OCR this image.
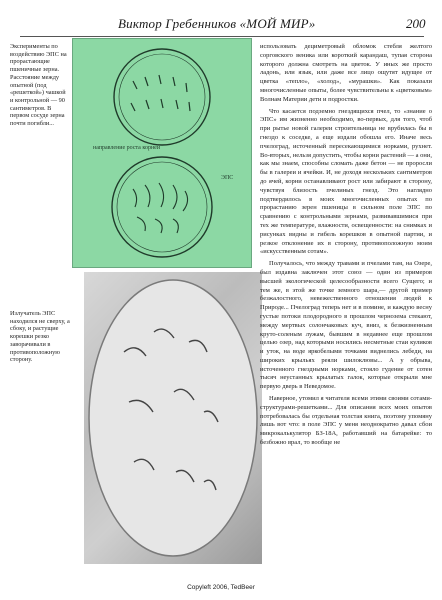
Виктор Гребенников «МОЙ МИР»	200
Эксперименты по воздействию ЭПС на прорастающие пшеничные зерна. Расстояние между опытной (под «решеткой») чашкой и контрольной — 90 сантиметров. В первом сосуде зерна почти погибли...
направление роста корней
ЭПС
Излучатель ЭПС находился не сверху, а сбоку, и растущие корешки резко заворачивали в противоположную сторону.

использовать дециметровый обломок стебля желтого сорговского веника или короткий карандаш, тупая сторона которого должна смотреть на цветок. У иных же просто ладонь, или язык, или даже все лицо ощутят идущее от цветка «тепло», «холод», «мурашки». Как показали многочисленные опыты, более чувствительны к «цветковым» Волнам Материи дети и подростки.

Что касается подземно гнездящихся пчел, то «знание о ЭПС» им жизненно необходимо, во-первых, для того, чтоб при рытье новой галереи строительница не врубилась бы в гнездо к соседке, а еще издали обошла его. Иначе весь пчелоград, источенный пересекающимися норками, рухнет. Во-вторых, нельзя допустить, чтобы корни растений — а они, как мы знаем, способны сломать даже бетон — не проросли бы в галереи и ячейки. И, не доходя нескольких сантиметров до ячей, корни останавливают рост или забирают в сторону, чувствуя близость пчелиных гнезд. Это наглядно подтвердилось в моих многочисленных опытах по прорастанию зерен пшеницы в сильном поле ЭПС по сравнению с контрольными зернами, развивавшимися при тех же температуре, влажности, освещенности: на снимках и рисунках видны и гибель корешков в опытной партии, и резкое отклонение их в сторону, противоположную моим «искусственным сотам».

Получалось, что между травами и пчелами там, на Озере, был издавна заключен этот союз — один из примеров высшей экологической целесообразности всего Сущего; и тем же, в этой же точке земного шара,— другой пример безжалостного, невежественного отношения людей к Природе... Пчелоград теперь нет и в помине, и каждую весну густые потоки плодородного в прошлом чернозема стекают, между мертвых солончаковых куч, вниз, к безжизненным круто-соленым лужам, бывшим в недавнее еще прошлом целью озер, над которыми носились несметные стаи куликов и уток, на воде яркобелыми точками виднелись лебеди, на широких крыльях реяли шилоклювы... А у обрыва, источенного гнездными норками, стояло гудение от сотен тысяч неустанных крылатых галок, которые открыли мне первую дверь в Неведомое.

Наверное, утомил я читателя всеми этими своими сотами-структурами-решетками... Для описания всех моих опытов потребовалась бы отдельная толстая книга, поэтому упомяну лишь вот что: в поле ЭПС у меня неоднократно давал сбои микрокалькулятор БЗ-18А, работавший на батарейке: то безбожно врал, то вообще не

Copyleft 2006, TedBeer
